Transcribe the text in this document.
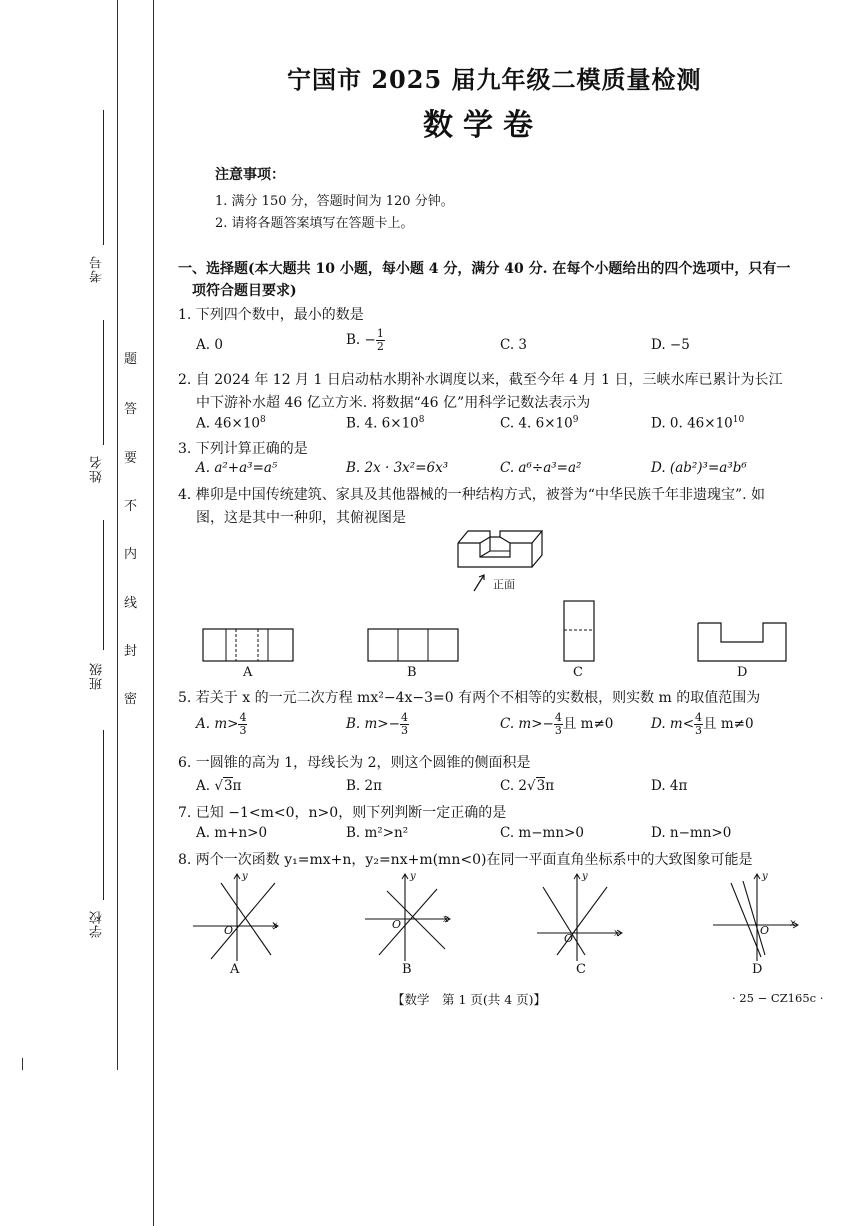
考号
姓名
班级
学校
题
答
要
不
内
线
封
密
宁国市 2025 届九年级二模质量检测
数学卷
注意事项：
1. 满分 150 分，答题时间为 120 分钟。
2. 请将各题答案填写在答题卡上。
一、选择题(本大题共 10 小题，每小题 4 分，满分 40 分. 在每个小题给出的四个选项中，只有一
项符合题目要求)
1. 下列四个数中，最小的数是
A. 0	B. − $\frac{1}{2}$	C. 3	D. −5
2. 自 2024 年 12 月 1 日启动枯水期补水调度以来，截至今年 4 月 1 日，三峡水库已累计为长江
中下游补水超 46 亿立方米. 将数据“46 亿”用科学记数法表示为
A. $46\times 10^8$	B. 4. $6\times 10^8$	C. 4. $6\times 10^9$	D. 0. $46\times 10^{10}$
3. 下列计算正确的是
A. a²+a³=a⁵	B. 2x · 3x²=6x³	C. a⁶÷a³=a²	D. (ab²)³=a³b⁶
4. 榫卯是中国传统建筑、家具及其他器械的一种结构方式，被誉为“中华民族千年非遗瑰宝”. 如
图，这是其中一种卯，其俯视图是
正面
A	B	C	D
5. 若关于 x 的一元二次方程 mx²−4x−3=0 有两个不相等的实数根，则实数 m 的取值范围为
A. $m> \frac{4}{3}$	B. $m>- \frac{4}{3}$	C. $m>- \frac{4}{3}$ 且 m≠0	D. $m< \frac{4}{3}$ 且 m≠0
6. 一圆锥的高为 1，母线长为 2，则这个圆锥的侧面积是
A. √3π	B. 2π	C. 2√3π	D. 4π
7. 已知 −1<m<0，n>0，则下列判断一定正确的是
A. m+n>0	B. m²>n²	C. m−mn>0	D. n−mn>0
8. 两个一次函数 y₁=mx+n，y₂=nx+m(mn<0)在同一平面直角坐标系中的大致图象可能是
y
x
O
A
y
x
O
B
y
x
O
C
y
x
O
D
【数学　第 1 页(共 4 页)】	· 25 − CZ165c ·
